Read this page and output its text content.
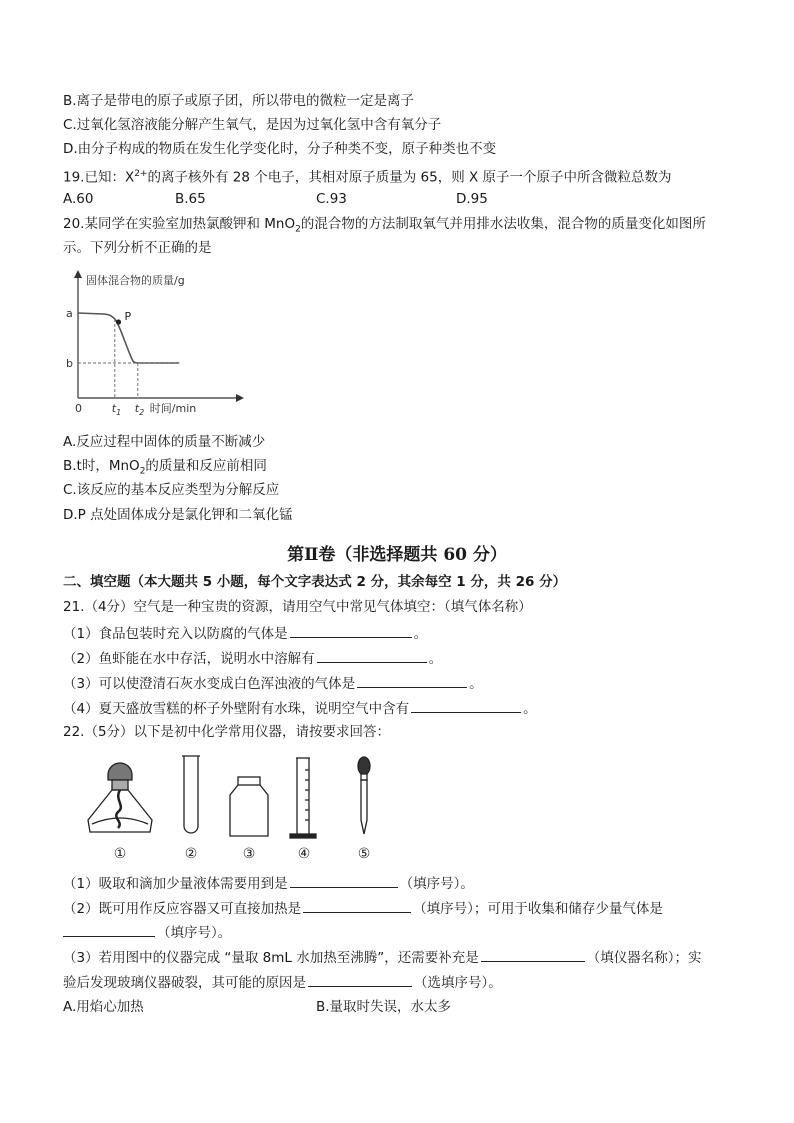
B.离子是带电的原子或原子团，所以带电的微粒一定是离子
C.过氧化氢溶液能分解产生氧气，是因为过氧化氢中含有氧分子
D.由分子构成的物质在发生化学变化时，分子种类不变，原子种类也不变
19.已知：$X^{2+}$的离子核外有 28 个电子，其相对原子质量为 65，则 X 原子一个原子中所含微粒总数为
A.60	B.65	C.93	D.95
20.某同学在实验室加热氯酸钾和 MnO$_2$的混合物的方法制取氧气并用排水法收集，混合物的质量变化如图所
示。下列分析不正确的是
固体混合物的质量/g
a
b
P
0	$t_1$ $t_2$ 时间/min
A.反应过程中固体的质量不断减少
B.t时，MnO$_2$的质量和反应前相同
C.该反应的基本反应类型为分解反应
D.P 点处固体成分是氯化钾和二氧化锰
第Ⅱ卷（非选择题共 60 分）
二、填空题（本大题共 5 小题，每个文字表达式 2 分，其余每空 1 分，共 26 分）
21.（4分）空气是一种宝贵的资源，请用空气中常见气体填空：（填气体名称）
（1）食品包装时充入以防腐的气体是	。
（2）鱼虾能在水中存活，说明水中溶解有	。
（3）可以使澄清石灰水变成白色浑浊液的气体是	。
（4）夏天盛放雪糕的杯子外壁附有水珠，说明空气中含有	。
22.（5分）以下是初中化学常用仪器，请按要求回答：
①	②	③	④	⑤
（1）吸取和滴加少量液体需要用到是	（填序号）。
（2）既可用作反应容器又可直接加热是	（填序号）；可用于收集和储存少量气体是
（填序号）。
（3）若用图中的仪器完成 “量取 8mL 水加热至沸腾”，还需要补充是	（填仪器名称）；实
验后发现玻璃仪器破裂，其可能的原因是	（选填序号）。
A.用焰心加热	B.量取时失误，水太多
